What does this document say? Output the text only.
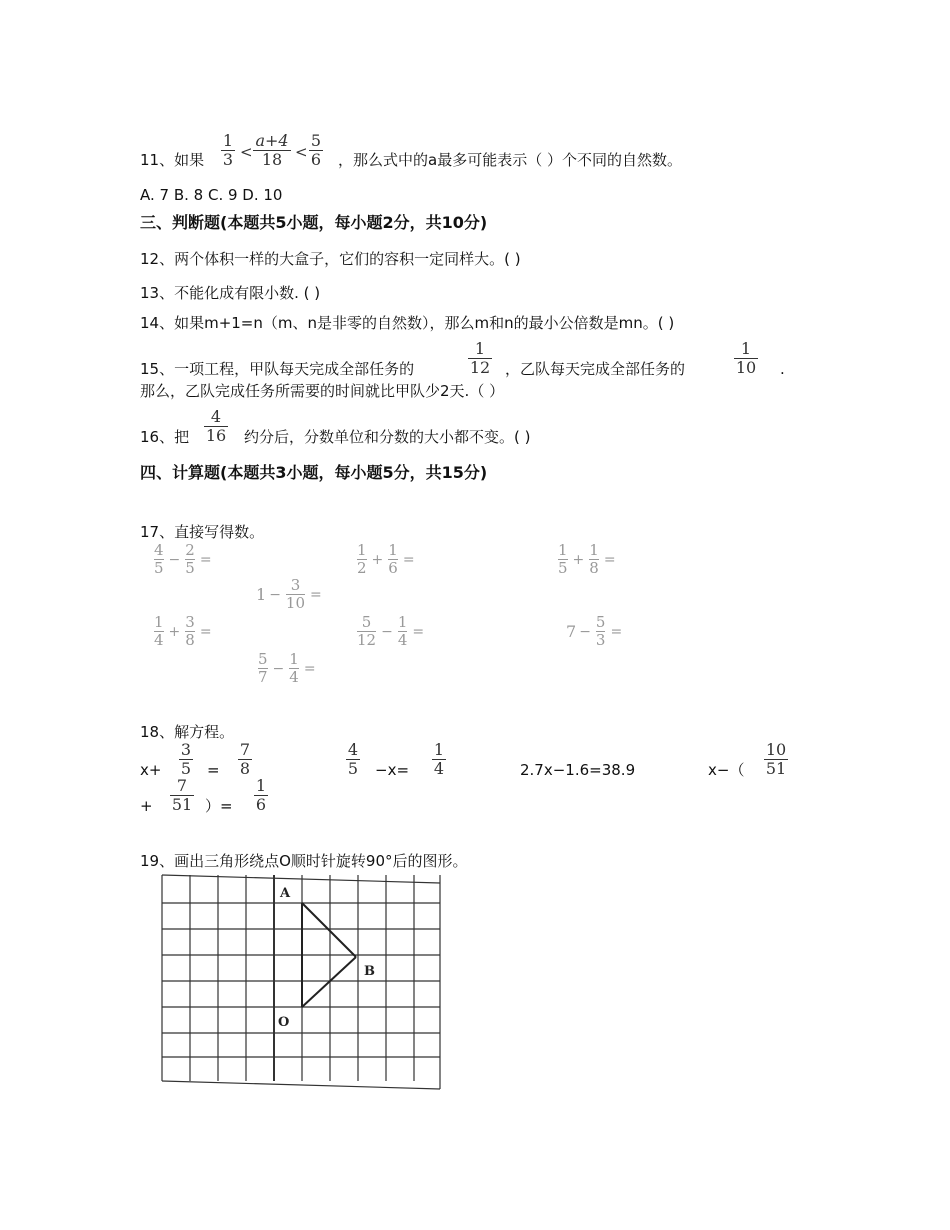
11、如果
1
3 <
a+4
18 <
5
6 ，那么式中的a最多可能表示（ ）个不同的自然数。
A. 7 B. 8 C. 9 D. 10
三、判断题(本题共5小题，每小题2分，共10分)
12、两个体积一样的大盒子，它们的容积一定同样大。( )
13、不能化成有限小数. ( )
14、如果m+1=n（m、n是非零的自然数），那么m和n的最小公倍数是mn。( )
15、一项工程，甲队每天完成全部任务的
1
12 ，乙队每天完成全部任务的
1
10 .
那么，乙队完成任务所需要的时间就比甲队少2天.（ ）
16、把
4
16 约分后，分数单位和分数的大小都不变。( )
四、计算题(本题共3小题，每小题5分，共15分)
17、直接写得数。
4
5 −
2
5 =
1
2 +
1
6 =
1
5 +
1
8 =
1 −
3
10 =
1
4 +
3
8 =
5
12 −
1
4 =	7 −
5
3 =
5
7 −
1
4 =
18、解方程。
x+
3
5 =
7
8
4
5 −x=
1
4	2.7x−1.6=38.9	x−（
10
51
+
7
51 ）=
1
6
19、画出三角形绕点O顺时针旋转90°后的图形。
A
B
O
